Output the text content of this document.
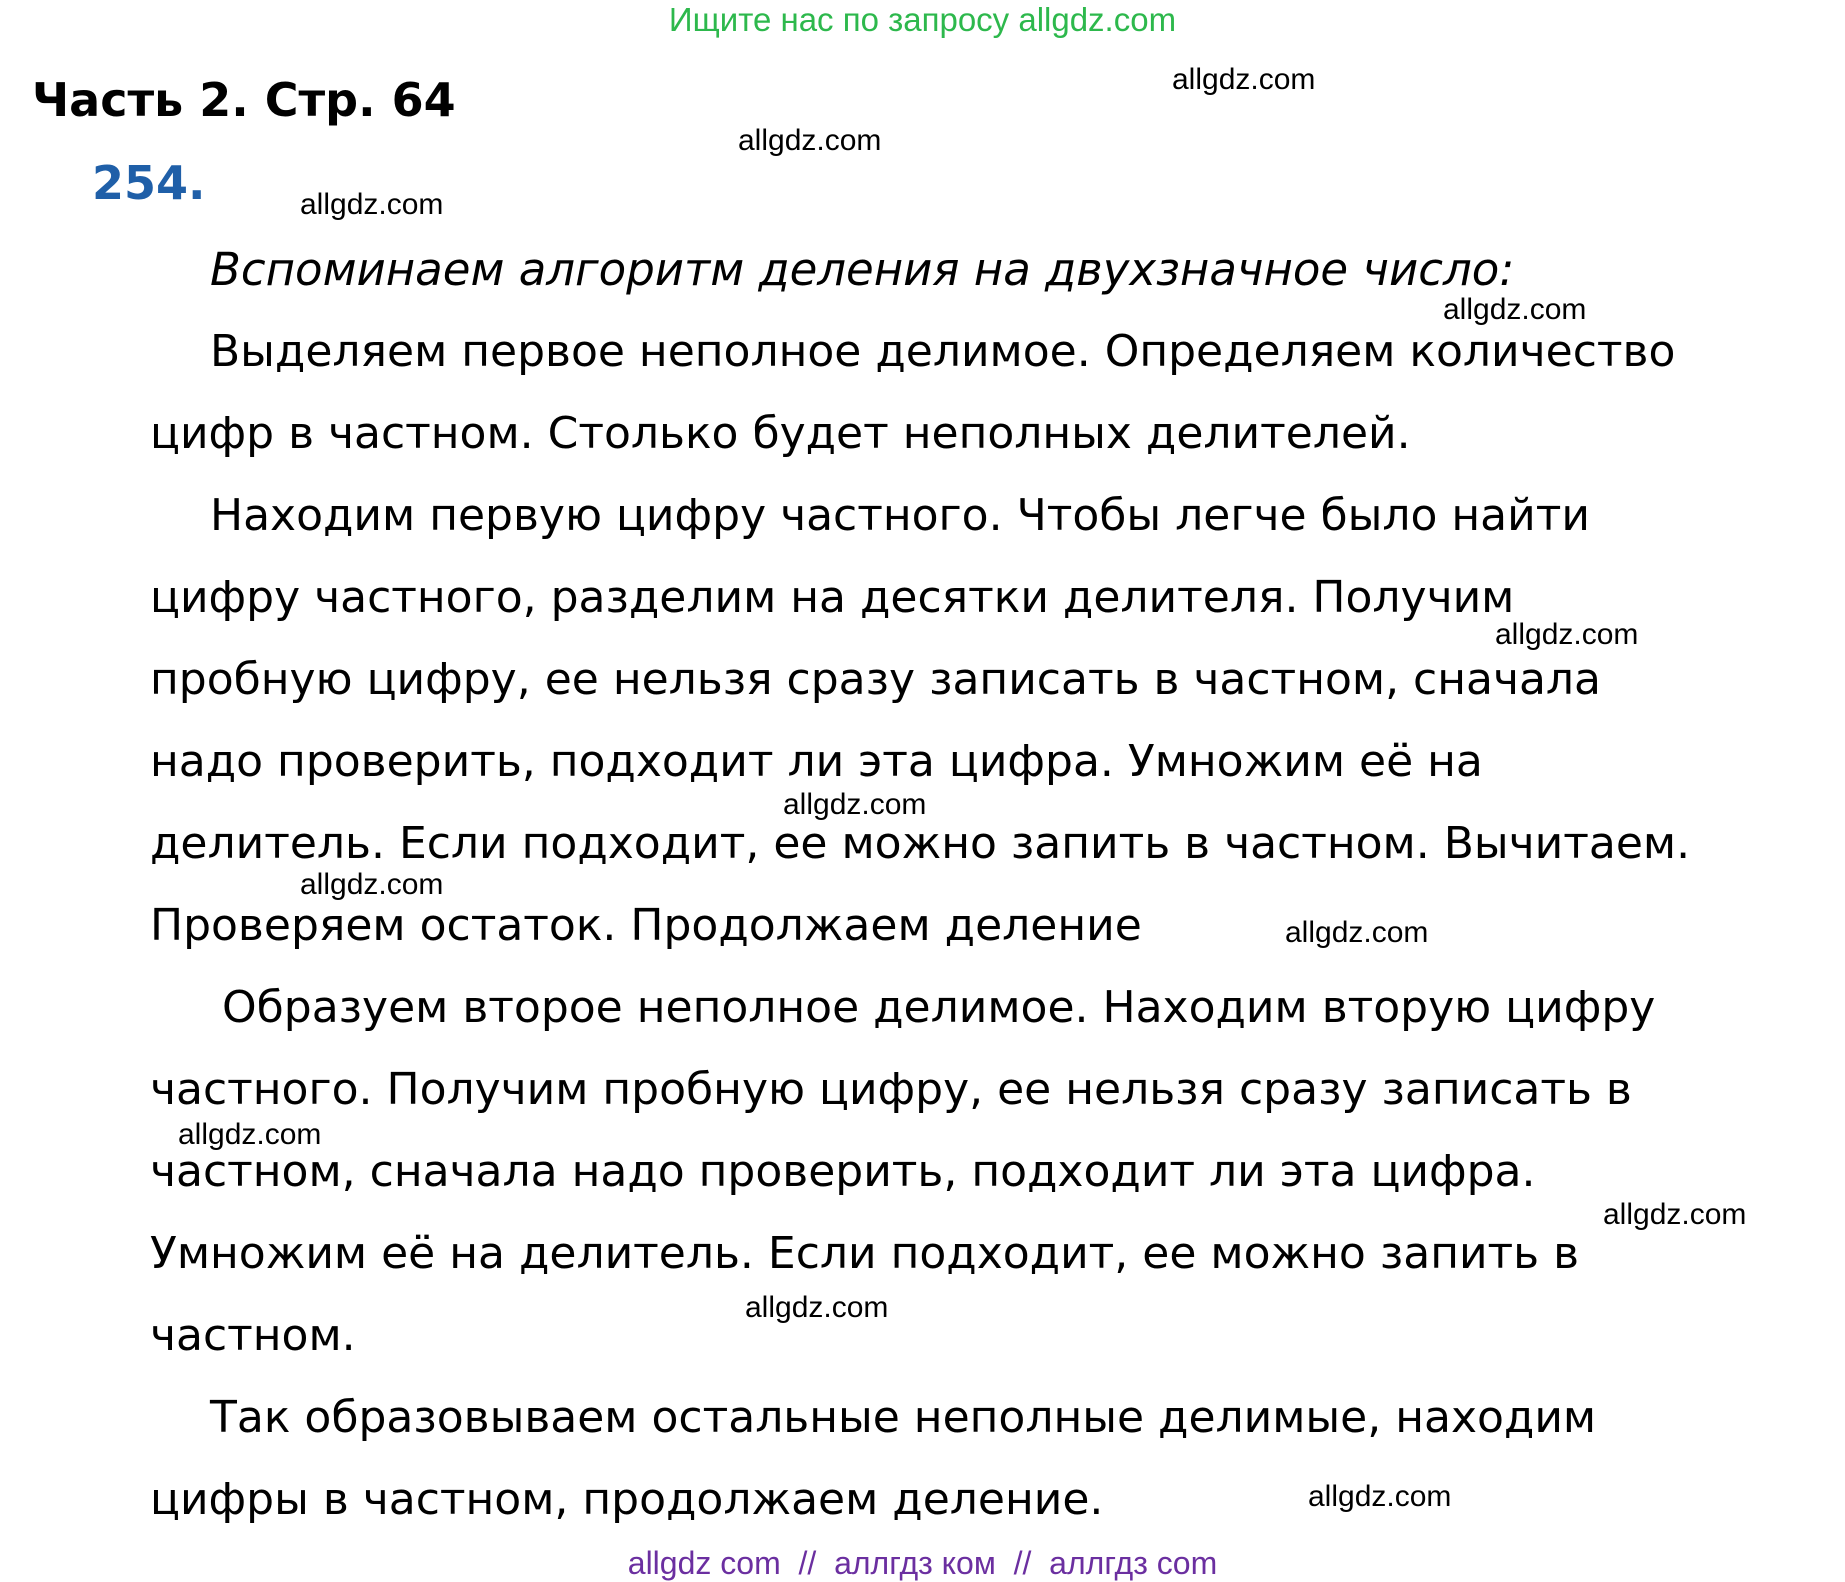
Ищите нас по запросу allgdz.com
Часть 2. Стр. 64
254.
Вспоминаем алгоритм деления на двухзначное число:
Выделяем первое неполное делимое. Определяем количество
цифр в частном. Столько будет неполных делителей.
Находим первую цифру частного. Чтобы легче было найти
цифру частного, разделим на десятки делителя. Получим
пробную цифру, ее нельзя сразу записать в частном, сначала
надо проверить, подходит ли эта цифра. Умножим её на
делитель. Если подходит, ее можно запить в частном. Вычитаем.
Проверяем остаток. Продолжаем деление
Образуем второе неполное делимое. Находим вторую цифру
частного. Получим пробную цифру, ее нельзя сразу записать в
частном, сначала надо проверить, подходит ли эта цифра.
Умножим её на делитель. Если подходит, ее можно запить в
частном.
Так образовываем остальные неполные делимые, находим
цифры в частном, продолжаем деление.
allgdz.com
allgdz.com
allgdz.com
allgdz.com
allgdz.com
allgdz.com
allgdz.com
allgdz.com
allgdz.com
allgdz.com
allgdz.com
allgdz.com
allgdz com  //  аллгдз ком  //  аллгдз com
